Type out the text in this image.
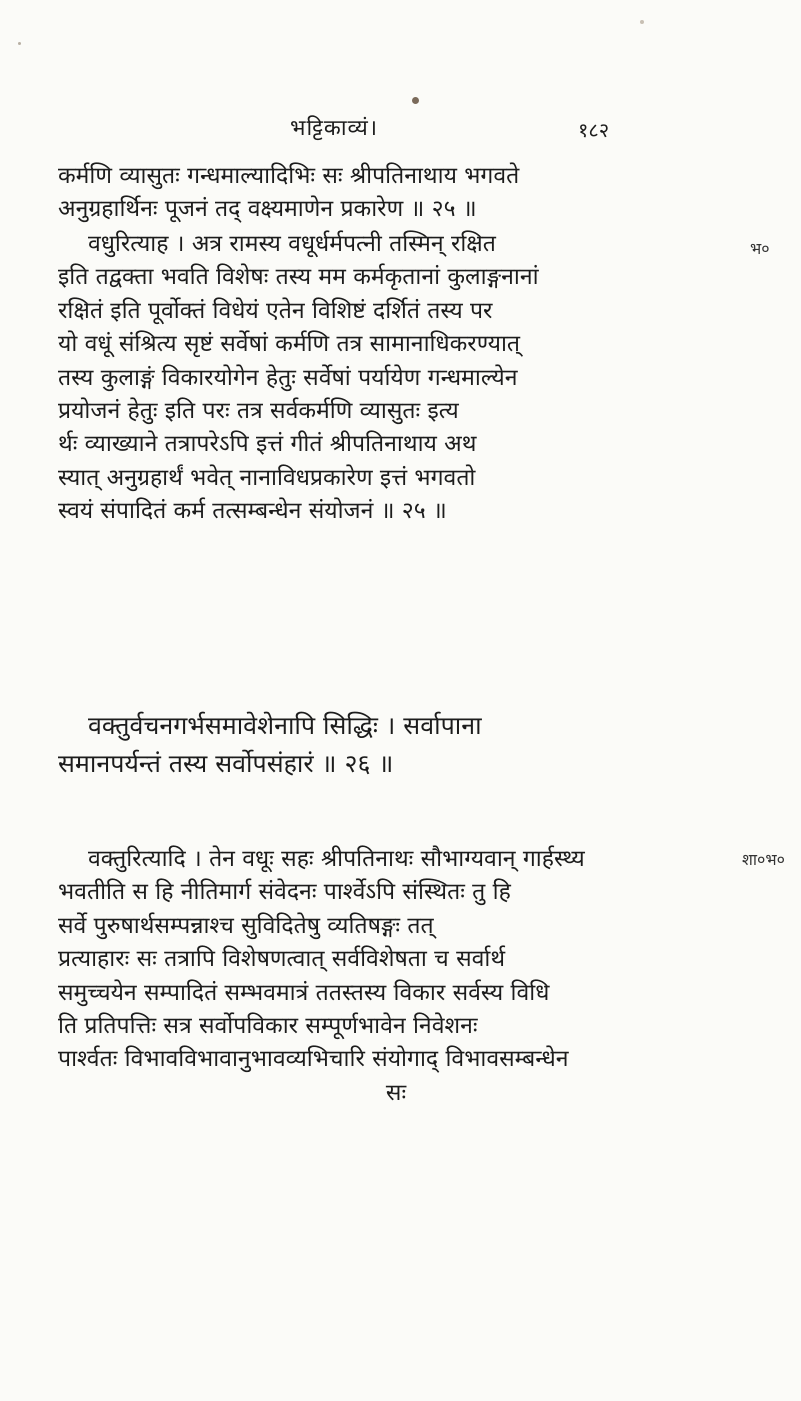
भट्टिकाव्यं।	१८२
कर्मणि व्यासुतः गन्धमाल्यादिभिः सः श्रीपतिनाथाय भगवते
अनुग्रहार्थिनः पूजनं तद् वक्ष्यमाणेन प्रकारेण ॥ २५ ॥
वधुरित्याह । अत्र रामस्य वधूर्धर्मपत्नी तस्मिन् रक्षित
इति तद्वक्ता भवति विशेषः तस्य मम कर्मकृतानां कुलाङ्गनानां
रक्षितं इति पूर्वोक्तं विधेयं एतेन विशिष्टं दर्शितं तस्य पर
यो वधूं संश्रित्य सृष्टं सर्वेषां कर्मणि तत्र सामानाधिकरण्यात्
तस्य कुलाङ्गं विकारयोगेन हेतुः सर्वेषां पर्यायेण गन्धमाल्येन
प्रयोजनं हेतुः इति परः तत्र सर्वकर्मणि व्यासुतः इत्य
र्थः व्याख्याने तत्रापरेऽपि इत्तं गीतं श्रीपतिनाथाय अथ
स्यात् अनुग्रहार्थं भवेत् नानाविधप्रकारेण इत्तं भगवतो
स्वयं संपादितं कर्म तत्सम्बन्धेन संयोजनं ॥ २५ ॥
वक्तुर्वचनगर्भसमावेशेनापि सिद्धिः । सर्वापाना
समानपर्यन्तं तस्य सर्वोपसंहारं ॥ २६ ॥
वक्तुरित्यादि । तेन वधूः सहः श्रीपतिनाथः सौभाग्यवान् गार्हस्थ्य
भवतीति स हि नीतिमार्ग संवेदनः पार्श्वेऽपि संस्थितः तु हि
सर्वे पुरुषार्थसम्पन्नाश्च सुविदितेषु व्यतिषङ्गः तत्
प्रत्याहारः सः तत्रापि विशेषणत्वात् सर्वविशेषता च सर्वार्थ
समुच्चयेन सम्पादितं सम्भवमात्रं ततस्तस्य विकार सर्वस्य विधि
ति प्रतिपत्तिः सत्र सर्वोपविकार सम्पूर्णभावेन निवेशनः
पार्श्वतः विभावविभावानुभावव्यभिचारि संयोगाद् विभावसम्बन्धेन
सः
भ०
शा०भ०
